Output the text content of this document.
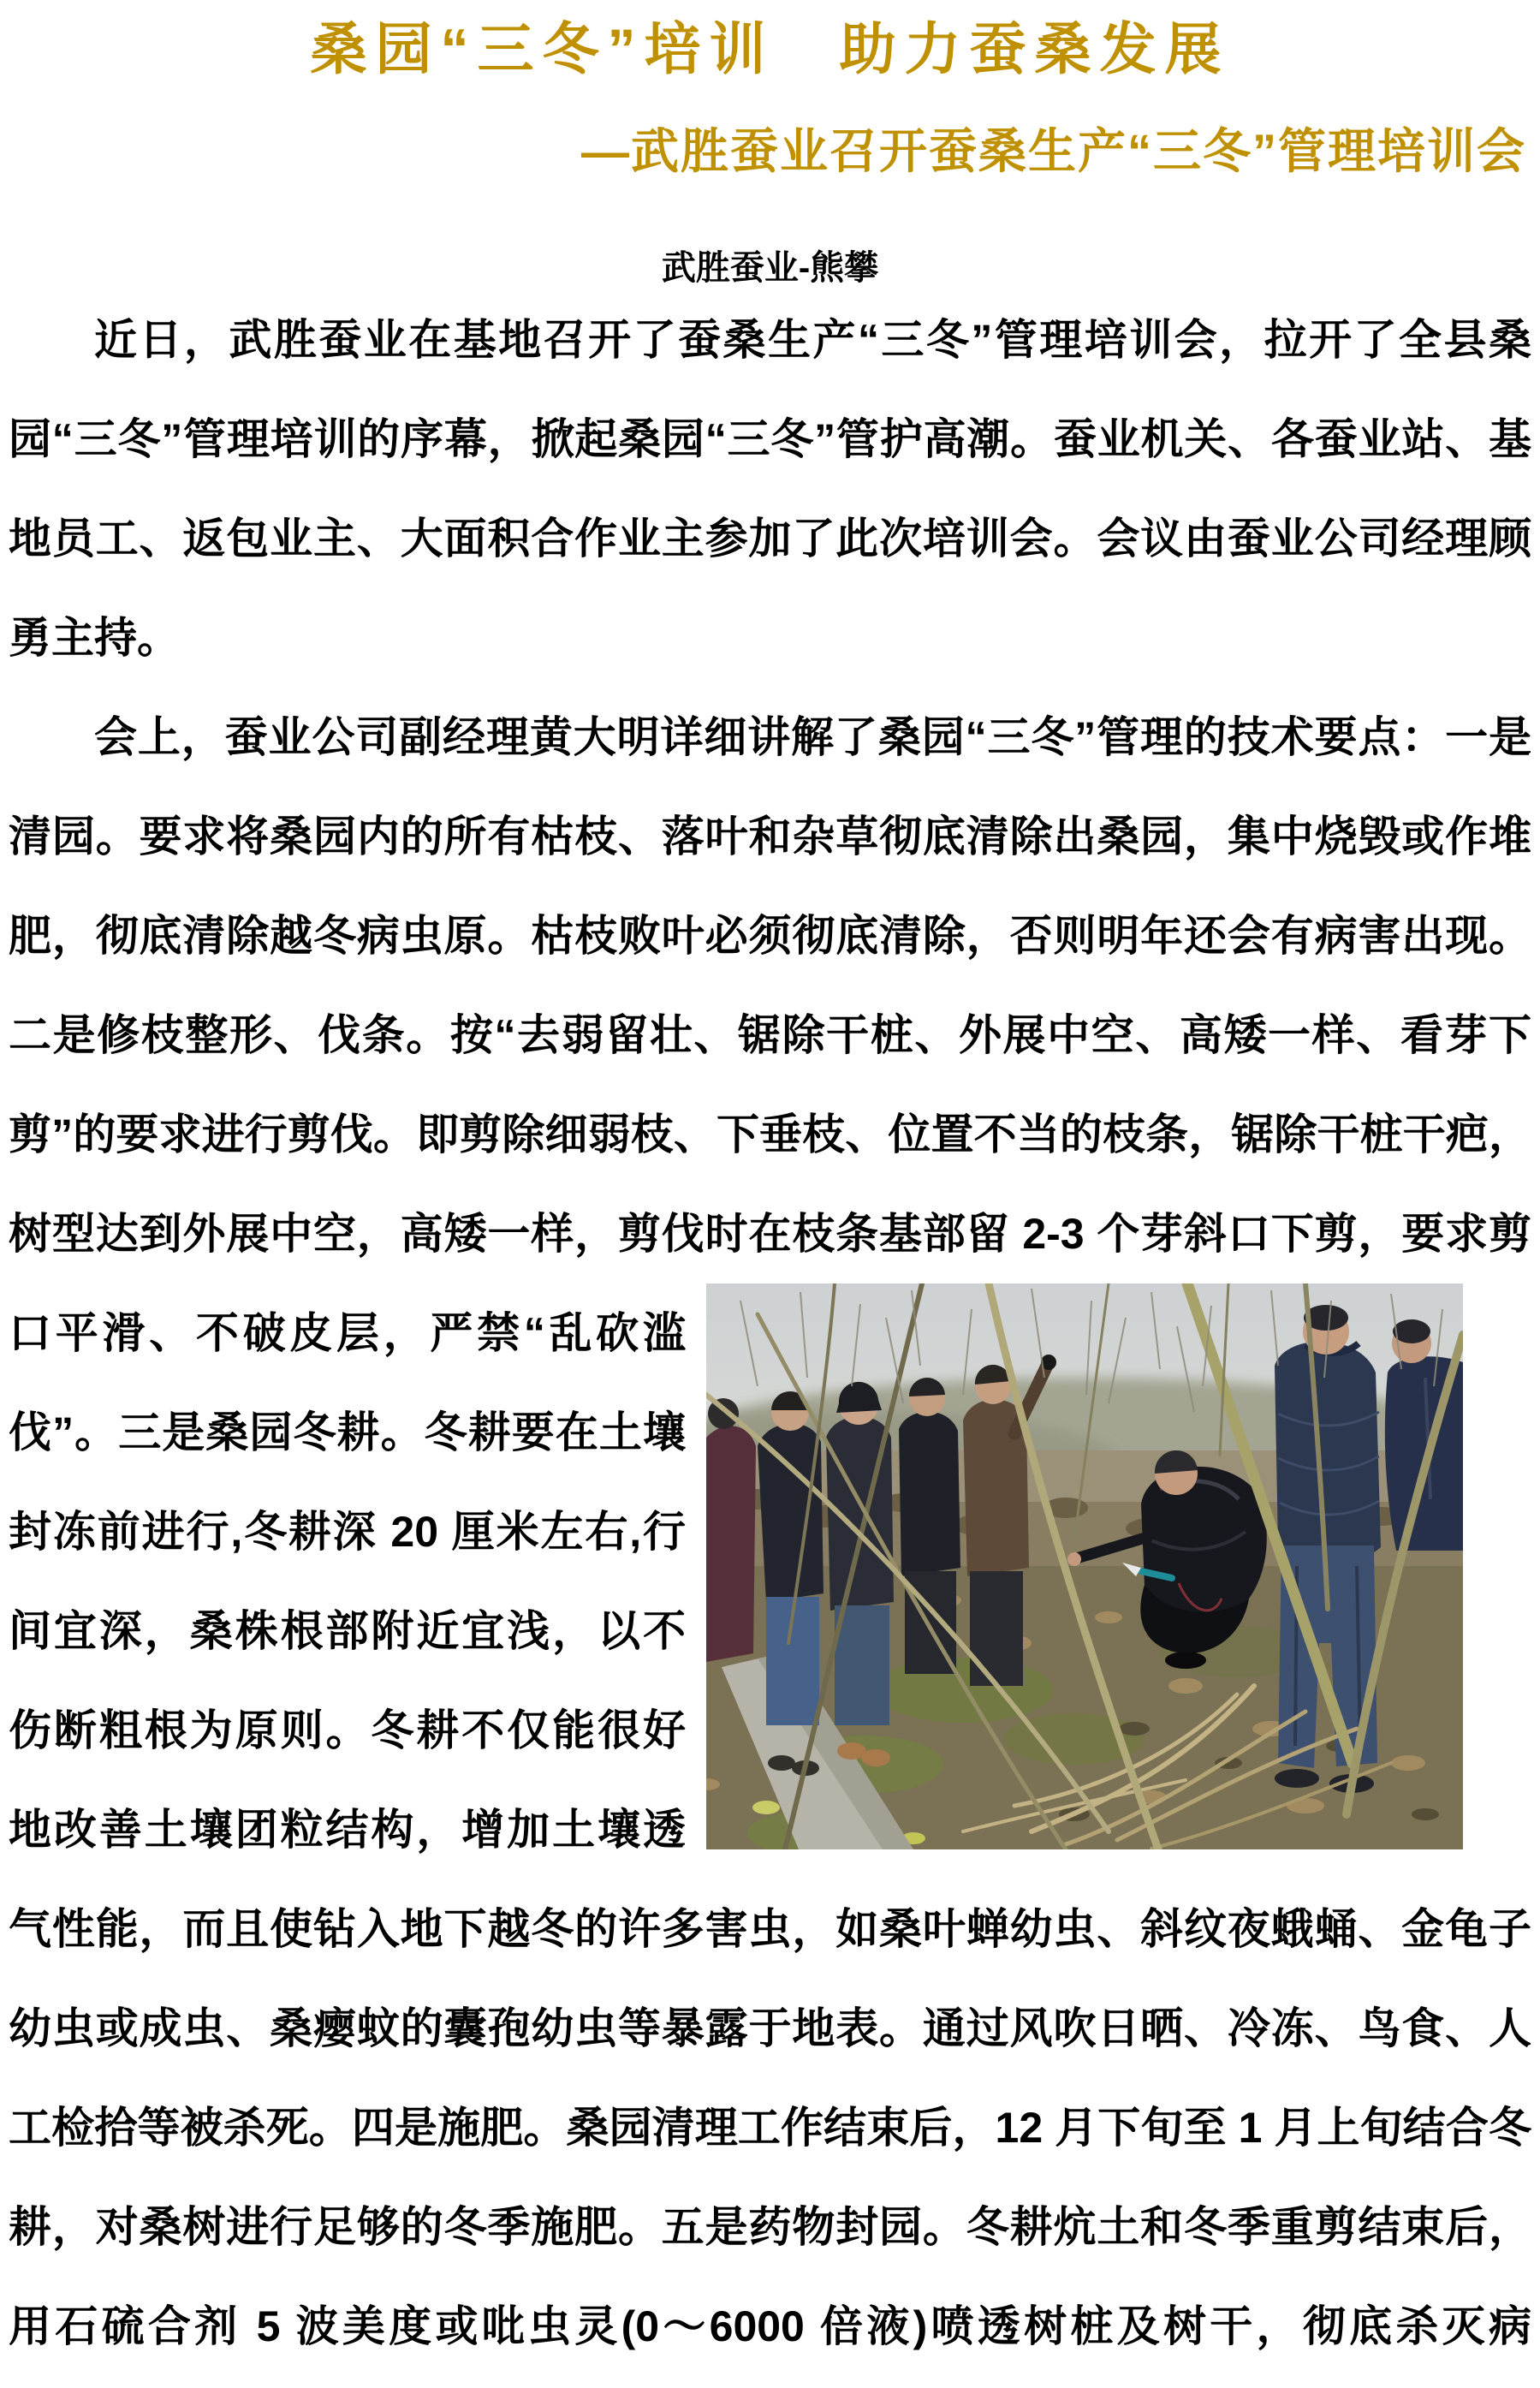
桑园“三冬”培训　助力蚕桑发展
—武胜蚕业召开蚕桑生产“三冬”管理培训会
武胜蚕业-熊攀

近日，武胜蚕业在基地召开了蚕桑生产“三冬”管理培训会，拉开了全县桑园“三冬”管理培训的序幕，掀起桑园“三冬”管护高潮。蚕业机关、各蚕业站、基地员工、返包业主、大面积合作业主参加了此次培训会。会议由蚕业公司经理顾勇主持。

会上，蚕业公司副经理黄大明详细讲解了桑园“三冬”管理的技术要点：一是清园。要求将桑园内的所有枯枝、落叶和杂草彻底清除出桑园，集中烧毁或作堆肥，彻底清除越冬病虫原。枯枝败叶必须彻底清除，否则明年还会有病害出现。二是修枝整形、伐条。按“去弱留壮、锯除干桩、外展中空、高矮一样、看芽下剪”的要求进行剪伐。即剪除细弱枝、下垂枝、位置不当的枝条，锯除干桩干疤，树型达到外展中空，高矮一样，剪伐时在枝条基部留 2-3 个芽斜口下剪，要求剪
口平滑、不破皮层，严禁“乱砍滥伐”。三是桑园冬耕。冬耕要在土壤封冻前进行,冬耕深 20 厘米左右,行间宜深，桑株根部附近宜浅，以不伤断粗根为原则。冬耕不仅能很好地改善土壤团粒结构，增加土壤透气性能，而且使钻入地下越冬的许多害虫，如桑叶蝉幼虫、斜纹夜蛾蛹、金龟子幼虫或成虫、桑瘿蚊的囊孢幼虫等暴露于地表。通过风吹日晒、冷冻、鸟食、人工检拾等被杀死。四是施肥。桑园清理工作结束后，12 月下旬至 1 月上旬结合冬耕，对桑树进行足够的冬季施肥。五是药物封园。冬耕炕土和冬季重剪结束后，用石硫合剂 5 波美度或吡虫灵(0～6000 倍液)喷透树桩及树干，彻底杀灭病
